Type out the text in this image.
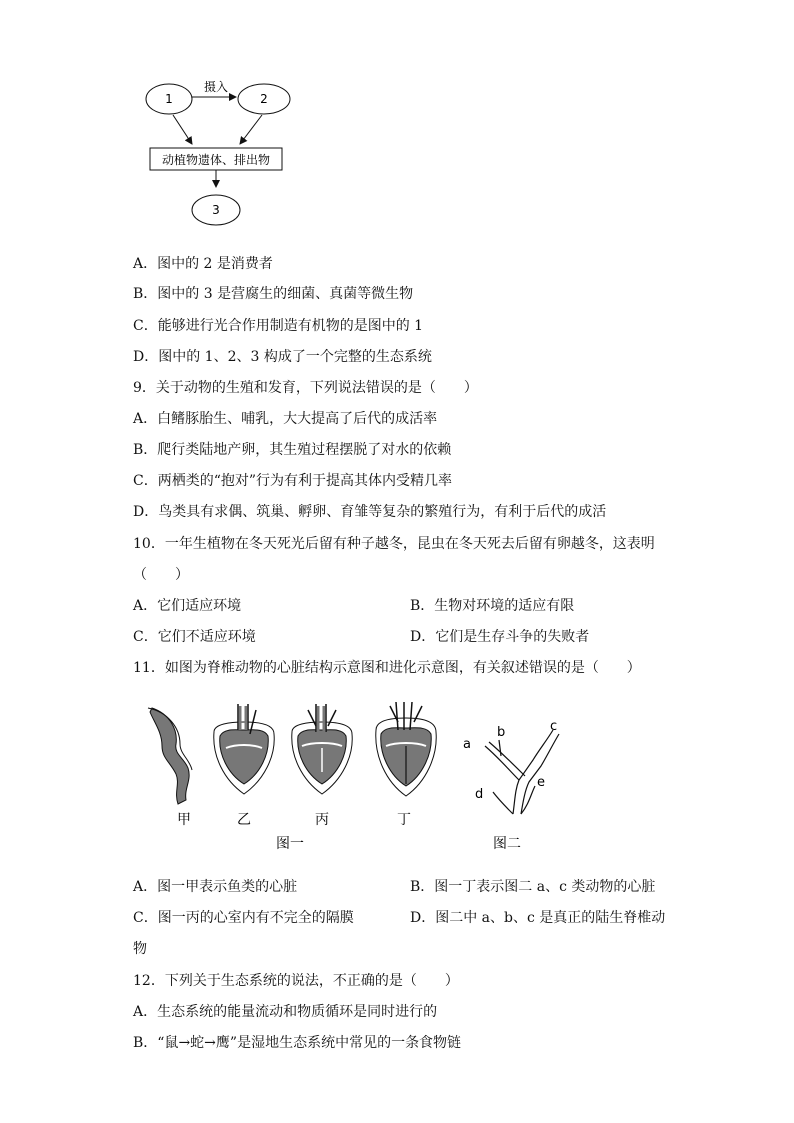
1	2
摄入
动植物遗体、排出物
3
A．图中的 2 是消费者
B．图中的 3 是营腐生的细菌、真菌等微生物
C．能够进行光合作用制造有机物的是图中的 1
D．图中的 1、2、3 构成了一个完整的生态系统
9．关于动物的生殖和发育，下列说法错误的是（　　）
A．白鳍豚胎生、哺乳，大大提高了后代的成活率
B．爬行类陆地产卵，其生殖过程摆脱了对水的依赖
C．两栖类的“抱对”行为有利于提高其体内受精几率
D．鸟类具有求偶、筑巢、孵卵、育雏等复杂的繁殖行为，有利于后代的成活
10．一年生植物在冬天死光后留有种子越冬，昆虫在冬天死去后留有卵越冬，这表明
（　　）
A．它们适应环境	B．生物对环境的适应有限
C．它们不适应环境	D．它们是生存斗争的失败者
11．如图为脊椎动物的心脏结构示意图和进化示意图，有关叙述错误的是（　　）
甲	乙	丙	丁
图一
a
b	c
d
e
图二
A．图一甲表示鱼类的心脏	B．图一丁表示图二 a、c 类动物的心脏
C．图一丙的心室内有不完全的隔膜	D．图二中 a、b、c 是真正的陆生脊椎动
物
12．下列关于生态系统的说法，不正确的是（　　）
A．生态系统的能量流动和物质循环是同时进行的
B．“鼠→蛇→鹰”是湿地生态系统中常见的一条食物链
